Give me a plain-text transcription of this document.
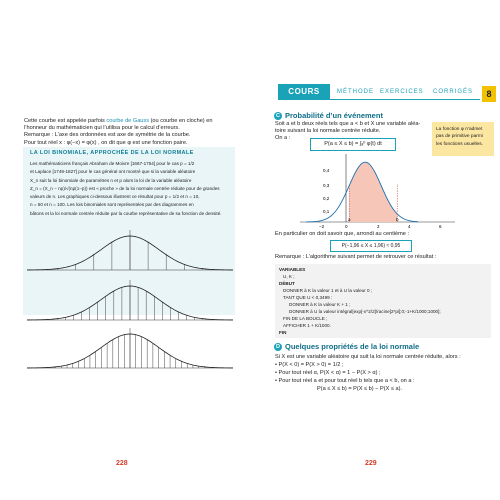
COURS	MÉTHODE EXERCICES CORRIGÉS	8
Cette courbe est appelée parfois courbe de Gauss (ou courbe en cloche) en
l’honneur du mathématicien qui l’utilisa pour le calcul d’erreurs.
Remarque : L’axe des ordonnées est axe de symétrie de la courbe.
Pour tout réel x : φ(−x) = φ(x) , on dit que φ est une fonction paire.
LA LOI BINOMIALE, APPROCHÉE DE LA LOI NORMALE
Les mathématiciens français Abraham de Moivre [1667-1754] pour le cas p = 1/2
et Laplace [1749-1827] pour le cas général ont montré que si la variable aléatoire
X_n suit la loi binomiale de paramètres n et p alors la loi de la variable aléatoire
Z_n = (X_n − np)/√(np(1−p)) est « proche » de la loi normale centrée réduite pour de grandes
valeurs de n. Les graphiques ci-dessous illustrent ce résultat pour p = 1/2 et n = 10,
n = 50 et n = 100. Les lois binomiales sont représentées par des diagrammes en
bâtons et la loi normale centrée réduite par la courbe représentative de sa fonction de densité.
228
C Probabilité d’un événement
Soit a et b deux réels tels que a < b et X une variable aléa-
toire suivant la loi normale centrée réduite.
On a :
P(a ≤ X ≤ b) = ∫ₐᵇ φ(t) dt
La fonction φ n’admet
pas de primitive parmi
les fonctions usuelles.
0,4
0,3
0,2
0,1
−2	0	2	4	6
a	b
En particulier on doit savoir que, arrondi au centième :
P(−1,96 ≤ X ≤ 1,96) ≈ 0,95
Remarque : L’algorithme suivant permet de retrouver ce résultat :
VARIABLES
U, K ;
DÉBUT
DONNER à K la valeur 1 et à U la valeur 0 ;
TANT QUE U < 0,3499 :
DONNER à K la valeur K + 1 ;
DONNER à U la valeur intégral[exp[-x^2/2]/racine[2*pi];0;-1+K/1000;1000];
FIN DE LA BOUCLE ;
AFFICHER 1 + K/1000.
FIN
D Quelques propriétés de la loi normale
Si X est une variable aléatoire qui suit la loi normale centrée réduite, alors :
• P(X < 0) = P(X > 0) = 1/2 ;
• Pour tout réel α, P(X < α) = 1 − P(X > α) ;
• Pour tout réel a et pour tout réel b tels que a < b, on a :
P(a ≤ X ≤ b) = P(X ≤ b) − P(X ≤ a).
229
